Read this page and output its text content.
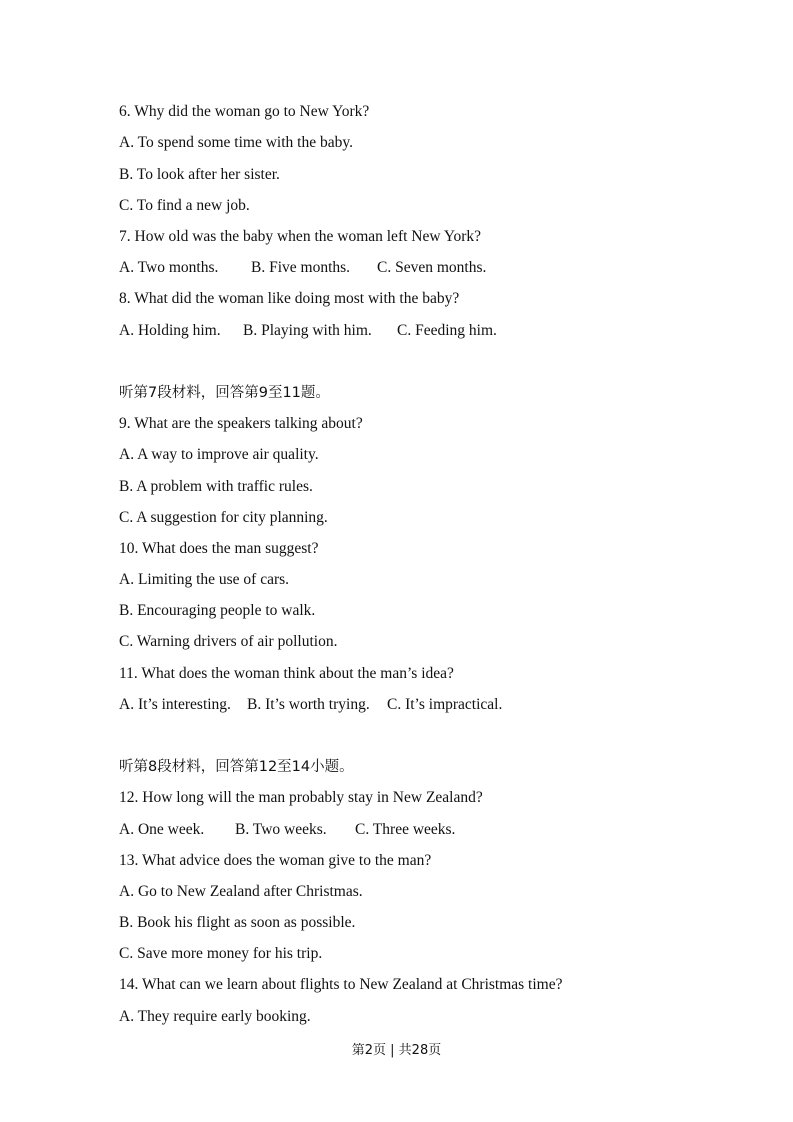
6. Why did the woman go to New York?
A. To spend some time with the baby.
B. To look after her sister.
C. To find a new job.
7. How old was the baby when the woman left New York?
A. Two months. B. Five months. C. Seven months.
8. What did the woman like doing most with the baby?
A. Holding him. B. Playing with him. C. Feeding him.
听第7段材料，回答第9至11题。
9. What are the speakers talking about?
A. A way to improve air quality.
B. A problem with traffic rules.
C. A suggestion for city planning.
10. What does the man suggest?
A. Limiting the use of cars.
B. Encouraging people to walk.
C. Warning drivers of air pollution.
11. What does the woman think about the man’s idea?
A. It’s interesting. B. It’s worth trying. C. It’s impractical.
听第8段材料，回答第12至14小题。
12. How long will the man probably stay in New Zealand?
A. One week. B. Two weeks. C. Three weeks.
13. What advice does the woman give to the man?
A. Go to New Zealand after Christmas.
B. Book his flight as soon as possible.
C. Save more money for his trip.
14. What can we learn about flights to New Zealand at Christmas time?
A. They require early booking.
第2页 | 共28页
